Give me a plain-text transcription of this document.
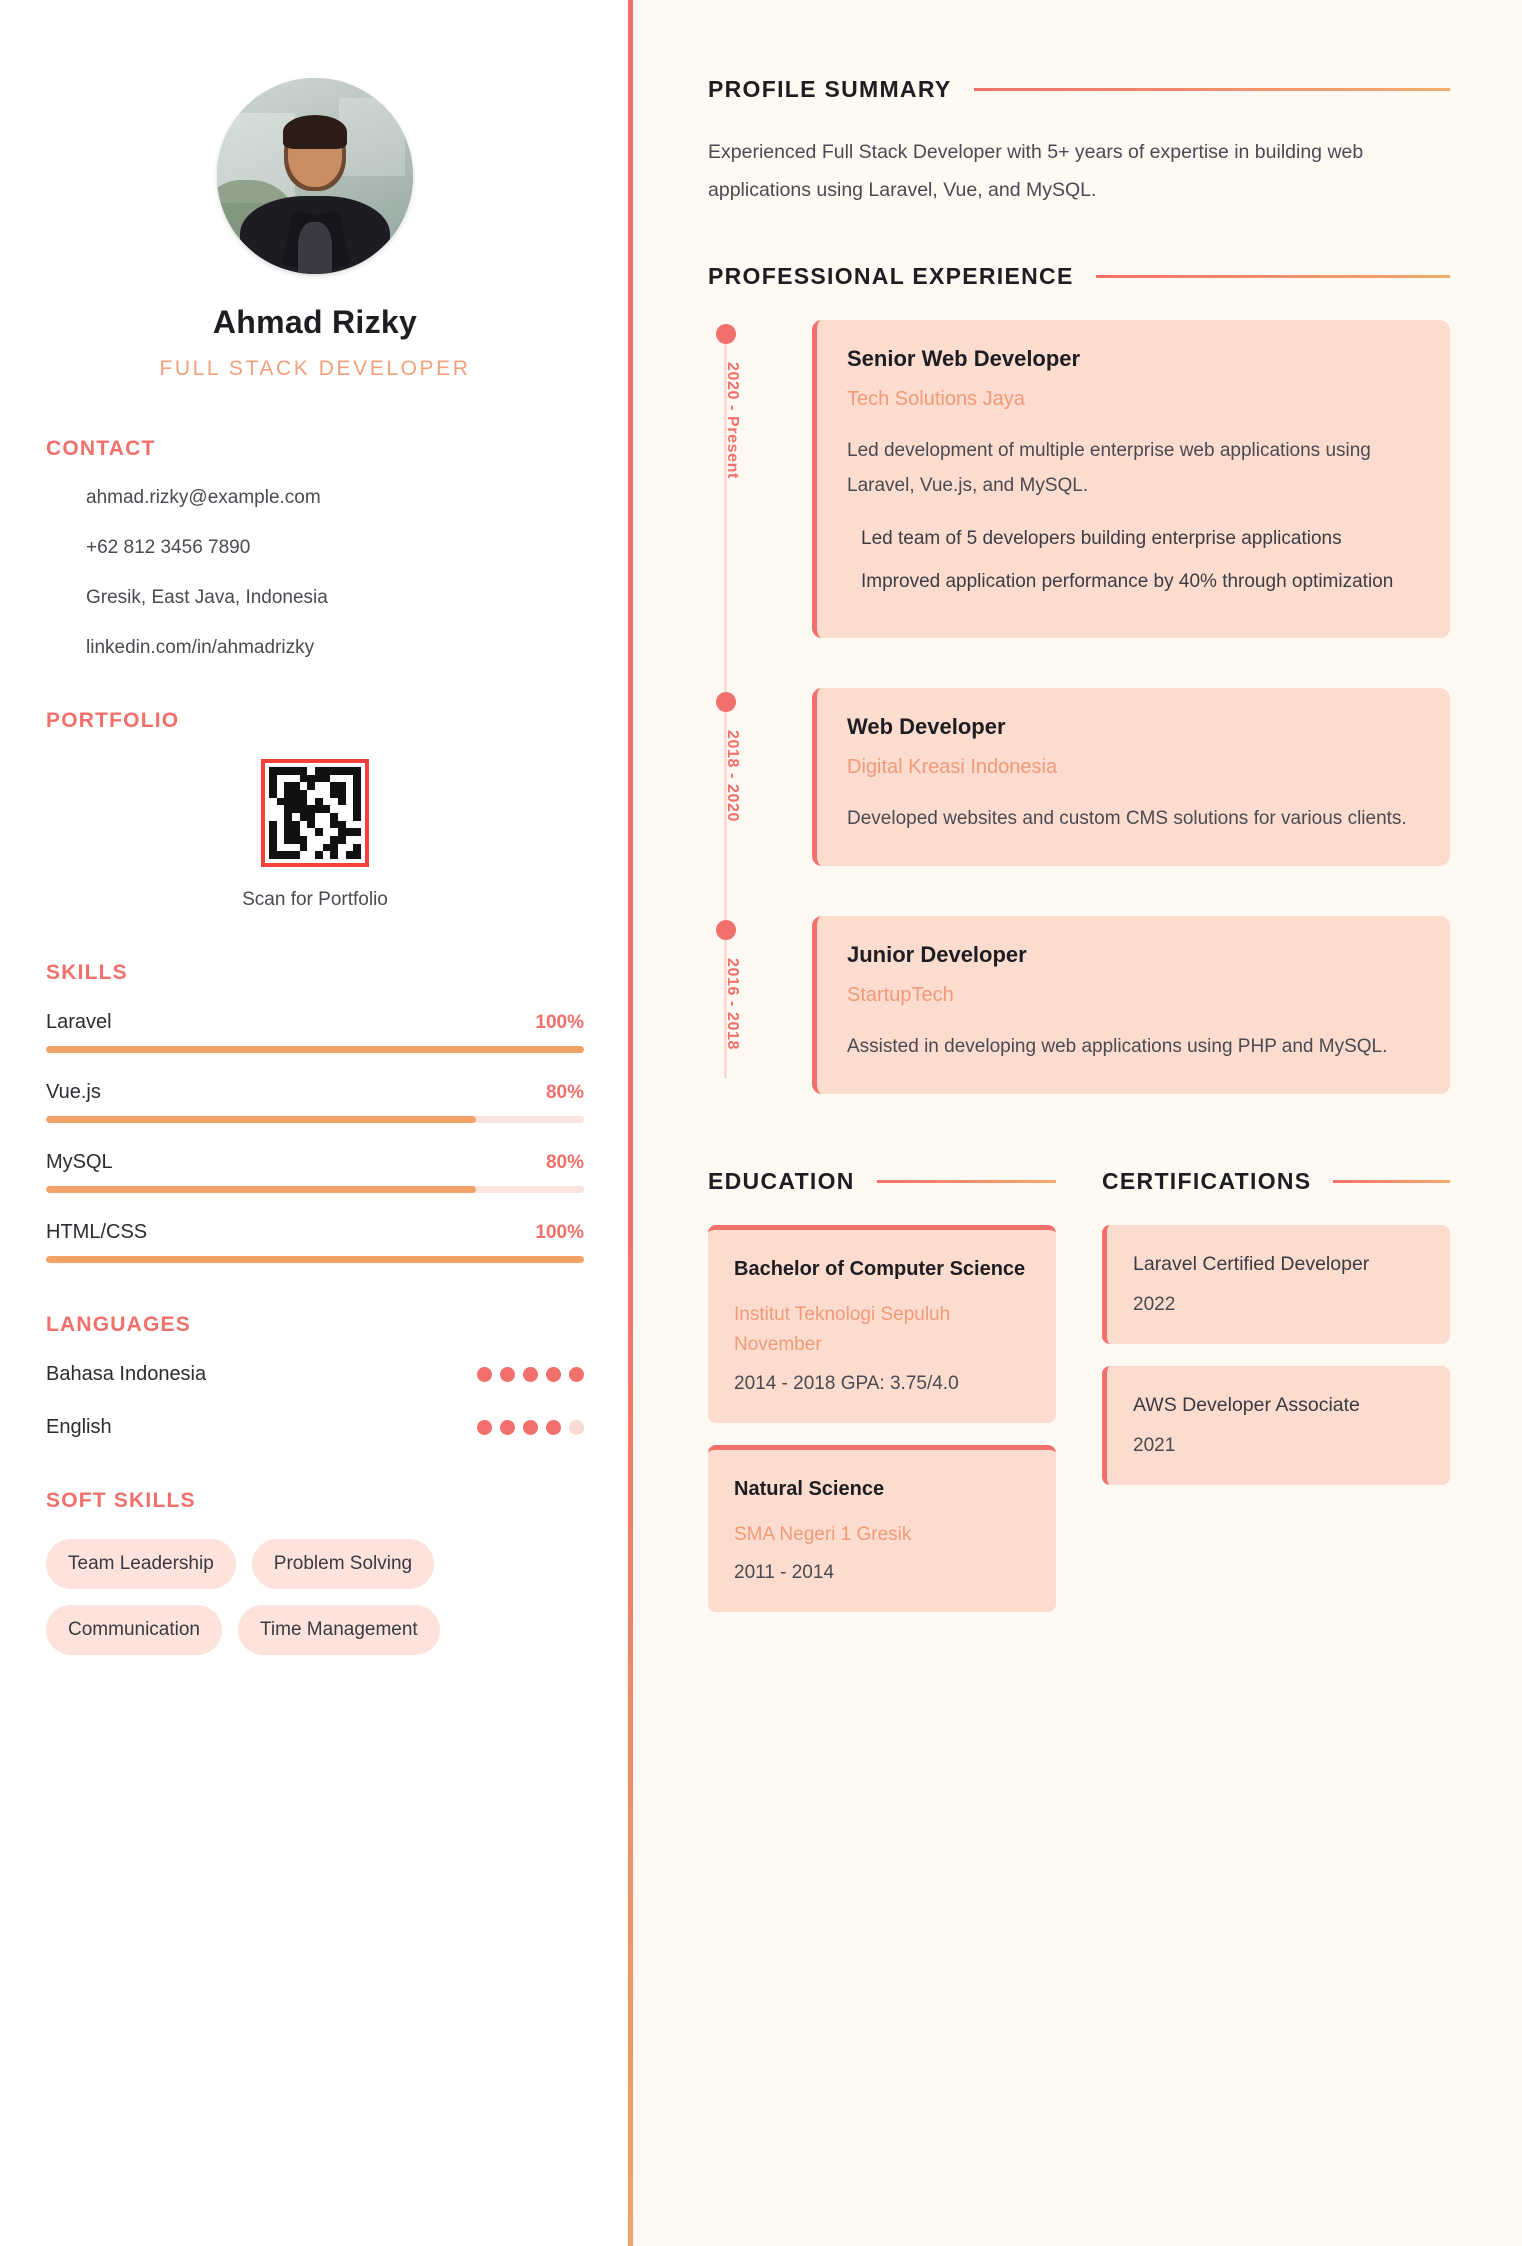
Ahmad Rizky
FULL STACK DEVELOPER
CONTACT
ahmad.rizky@example.com
+62 812 3456 7890
Gresik, East Java, Indonesia
linkedin.com/in/ahmadrizky
PORTFOLIO
Scan for Portfolio
SKILLS
Laravel	100%
Vue.js	80%
MySQL	80%
HTML/CSS	100%
LANGUAGES
Bahasa Indonesia
English
SOFT SKILLS
Team Leadership	Problem Solving
Communication	Time Management
PROFILE SUMMARY
Experienced Full Stack Developer with 5+ years of expertise in building web applications using Laravel, Vue, and MySQL.
PROFESSIONAL EXPERIENCE
2020 - Present
Senior Web Developer
Tech Solutions Jaya
Led development of multiple enterprise web applications using Laravel, Vue.js, and MySQL.
Led team of 5 developers building enterprise applications
Improved application performance by 40% through optimization
2018 - 2020
Web Developer
Digital Kreasi Indonesia
Developed websites and custom CMS solutions for various clients.
2016 - 2018
Junior Developer
StartupTech
Assisted in developing web applications using PHP and MySQL.
EDUCATION
Bachelor of Computer Science
Institut Teknologi Sepuluh November
2014 - 2018 GPA: 3.75/4.0
Natural Science
SMA Negeri 1 Gresik
2011 - 2014
CERTIFICATIONS
Laravel Certified Developer
2022
AWS Developer Associate
2021
